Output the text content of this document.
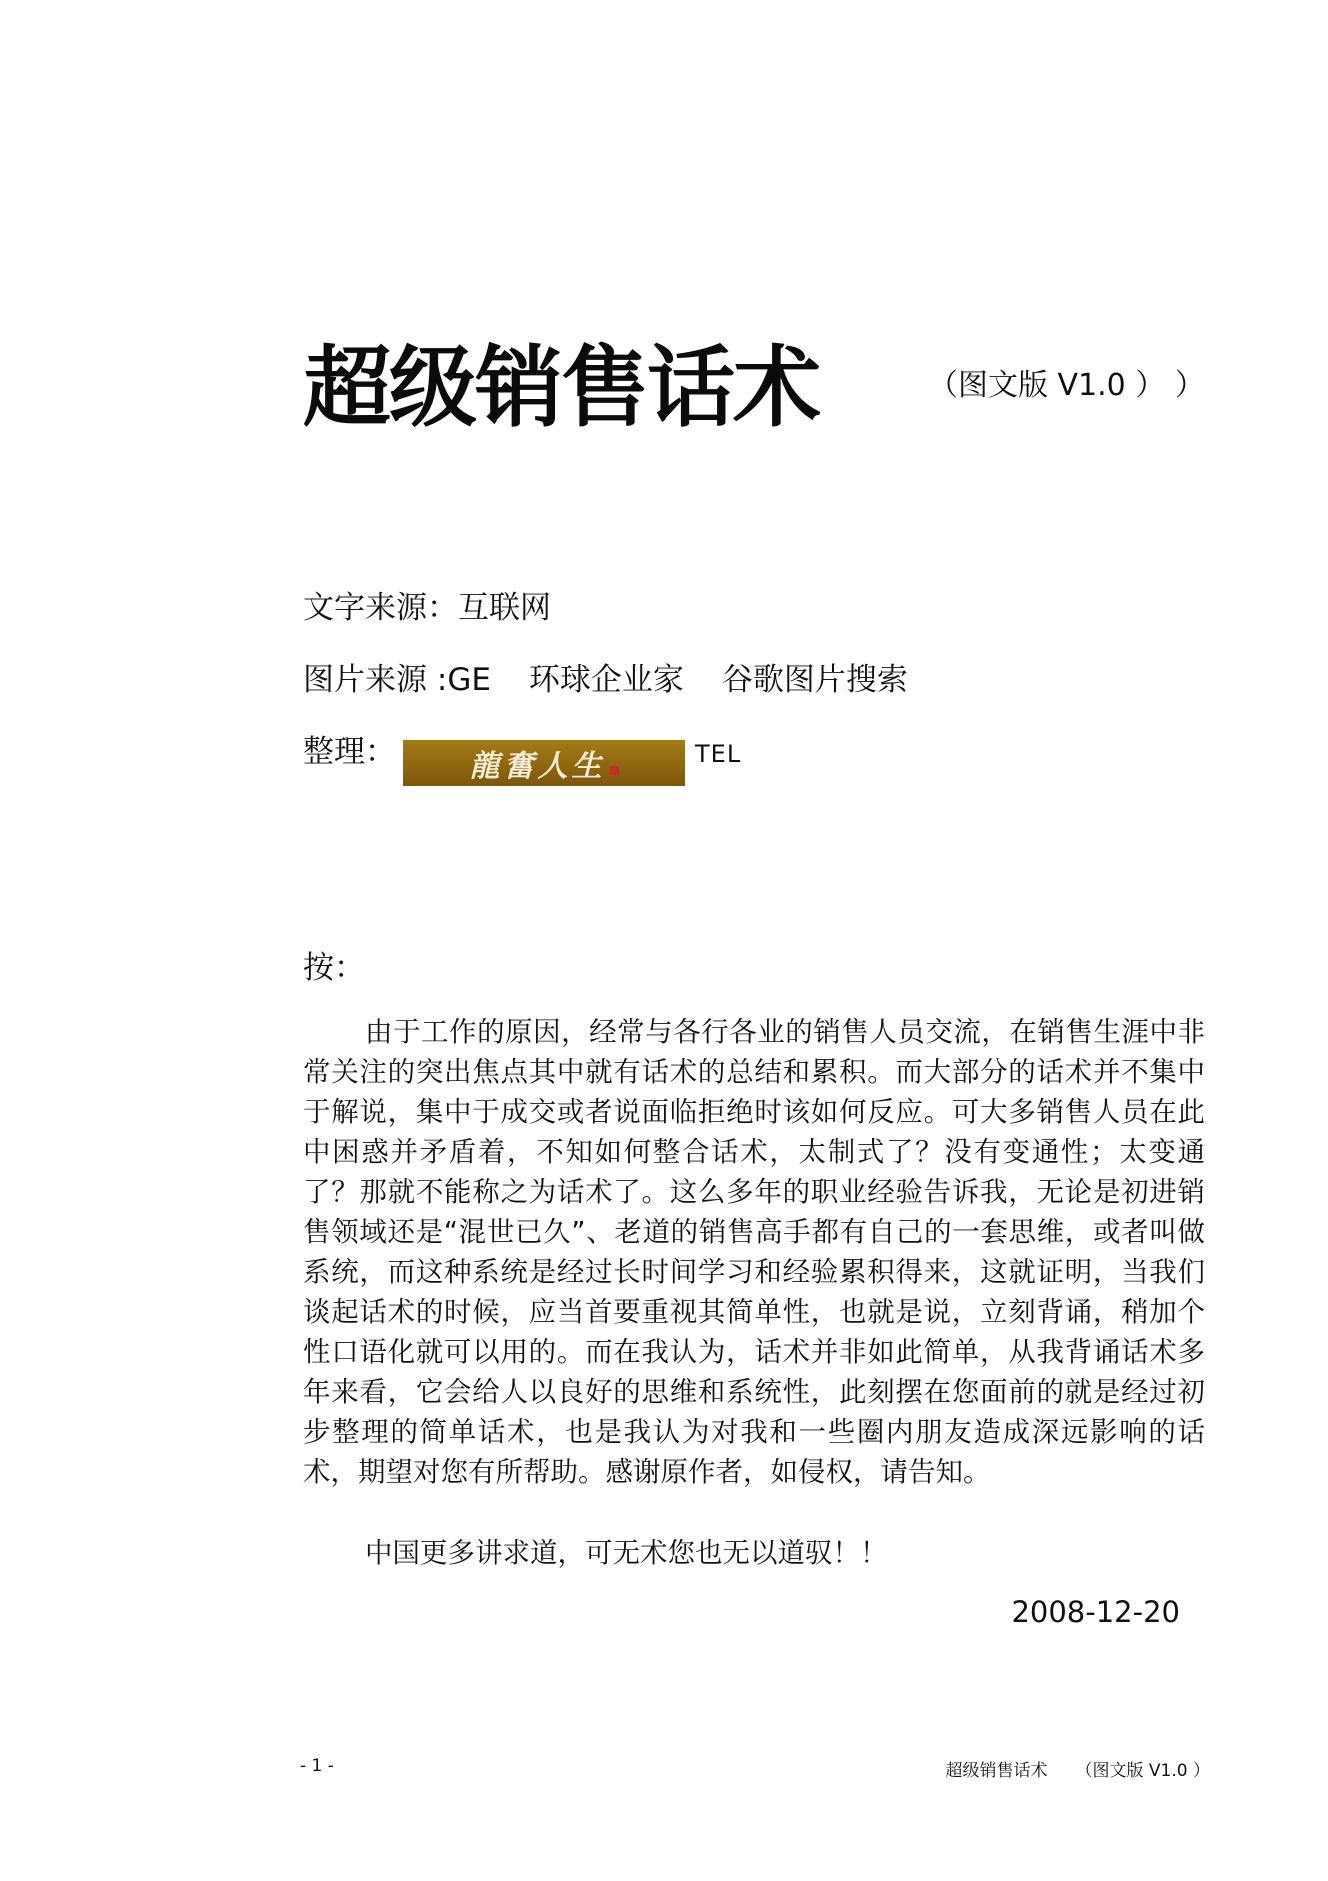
超级销售话术	（图文版 V1.0 ） ）
文字来源：互联网
图片来源 :GE 环球企业家 谷歌图片搜索
整理： 龍奮人生	TEL
按：

由于工作的原因，经常与各行各业的销售人员交流，在销售生涯中非常关注的突出焦点其中就有话术的总结和累积。而大部分的话术并不集中于解说，集中于成交或者说面临拒绝时该如何反应。可大多销售人员在此中困惑并矛盾着，不知如何整合话术，太制式了？没有变通性；太变通了？那就不能称之为话术了。这么多年的职业经验告诉我，无论是初进销售领域还是“混世已久”、老道的销售高手都有自己的一套思维，或者叫做系统，而这种系统是经过长时间学习和经验累积得来，这就证明，当我们谈起话术的时候，应当首要重视其简单性，也就是说，立刻背诵，稍加个性口语化就可以用的。而在我认为，话术并非如此简单，从我背诵话术多年来看，它会给人以良好的思维和系统性，此刻摆在您面前的就是经过初步整理的简单话术，也是我认为对我和一些圈内朋友造成深远影响的话术，期望对您有所帮助。感谢原作者，如侵权，请告知。

中国更多讲求道，可无术您也无以道驭！！

2008-12-20
- 1 -	超级销售话术 （图文版 V1.0 ）
